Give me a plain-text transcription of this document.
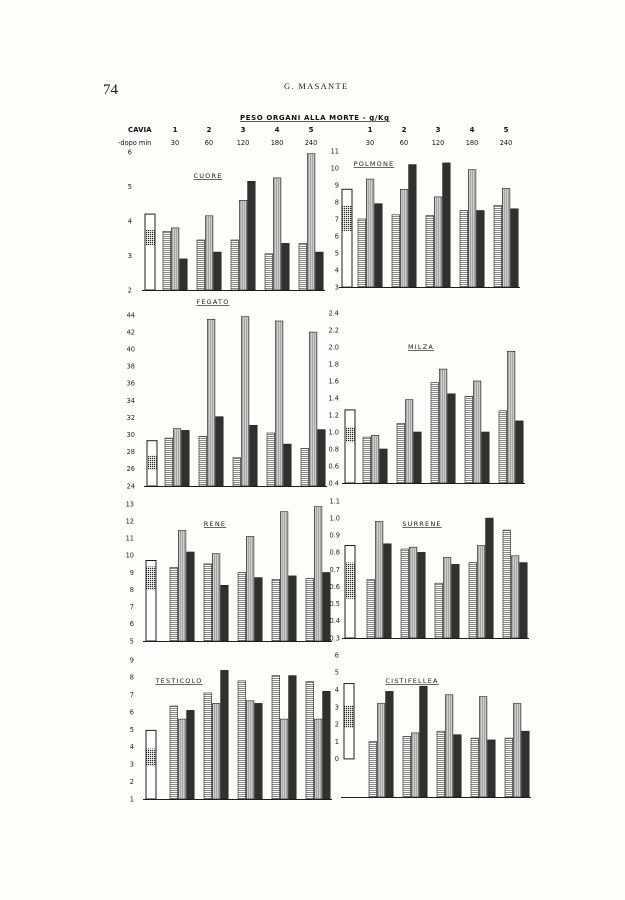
74	G. MASANTE
PESO ORGANI ALLA MORTE - g/Kg
CAVIA
-dopo min
1	2	3	4	5
30	60	120	180	240
1	2	3	4	5
30	60	120	180	240
CUORE
6
5
4
3
2
POLMONE
11
10
9
8
7
6
5
4
3
FEGATO
44
42
40
38
36
34
32
30
28
26
24
MILZA
2.4
2.2
2.0
1.8
1.6
1.4
1.2
1.0
0.8
0.6
0.4
RENE
13
12
11
10
9
8
7
6
5
SURRENE
1.1
1.0
0.9
0.8
0.7
0.6
0.5
0.4
0.3
TESTICOLO
9
8
7
6
5
4
3
2
1
CISTIFELLEA
6
5
4
3
2
1
0
